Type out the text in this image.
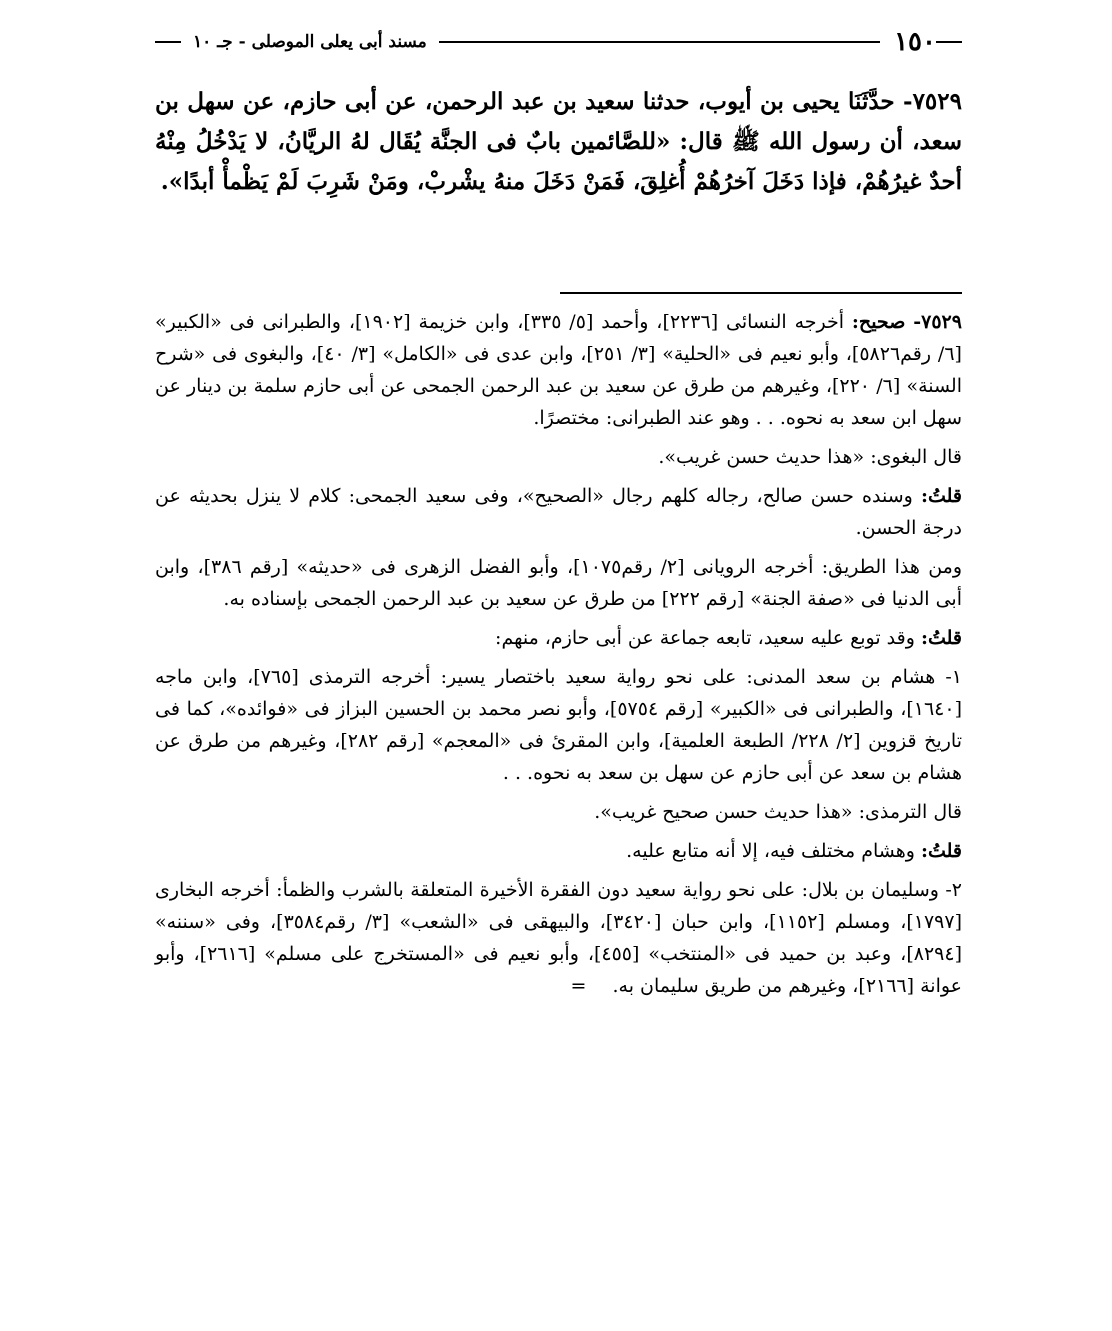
١٥٠
مسند أبى يعلى الموصلى - جـ ١٠

٧٥٢٩- حدَّثَنَا يحيى بن أيوب، حدثنا سعيد بن عبد الرحمن، عن أبى حازم، عن سهل بن سعد، أن رسول الله ﷺ قال: «للصَّائمين بابٌ فى الجنَّة يُقَال لهُ الريَّانُ، لا يَدْخُلُ مِنْهُ أحدٌ غيرُهُمْ، فإذا دَخَلَ آخرُهُمْ أُغلِقَ، فَمَنْ دَخَلَ منهُ يشْربْ، ومَنْ شَرِبَ لَمْ يَظْمأْ أبدًا».

٧٥٢٩- صحيح: أخرجه النسائى [٢٢٣٦]، وأحمد [٥/ ٣٣٥]، وابن خزيمة [١٩٠٢]، والطبرانى فى «الكبير» [٦/ رقم٥٨٢٦]، وأبو نعيم فى «الحلية» [٣/ ٢٥١]، وابن عدى فى «الكامل» [٣/ ٤٠]، والبغوى فى «شرح السنة» [٦/ ٢٢٠]، وغيرهم من طرق عن سعيد بن عبد الرحمن الجمحى عن أبى حازم سلمة بن دينار عن سهل ابن سعد به نحوه. . . وهو عند الطبرانى: مختصرًا.

قال البغوى: «هذا حديث حسن غريب».

قلتُ: وسنده حسن صالح، رجاله كلهم رجال «الصحيح»، وفى سعيد الجمحى: كلام لا ينزل بحديثه عن درجة الحسن.

ومن هذا الطريق: أخرجه الرويانى [٢/ رقم١٠٧٥]، وأبو الفضل الزهرى فى «حديثه» [رقم ٣٨٦]، وابن أبى الدنيا فى «صفة الجنة» [رقم ٢٢٢] من طرق عن سعيد بن عبد الرحمن الجمحى بإسناده به.

قلتُ: وقد توبع عليه سعيد، تابعه جماعة عن أبى حازم، منهم:

١- هشام بن سعد المدنى: على نحو رواية سعيد باختصار يسير: أخرجه الترمذى [٧٦٥]، وابن ماجه [١٦٤٠]، والطبرانى فى «الكبير» [رقم ٥٧٥٤]، وأبو نصر محمد بن الحسين البزاز فى «فوائده»، كما فى تاريخ قزوين [٢/ ٢٢٨/ الطبعة العلمية]، وابن المقرئ فى «المعجم» [رقم ٢٨٢]، وغيرهم من طرق عن هشام بن سعد عن أبى حازم عن سهل بن سعد به نحوه. . .

قال الترمذى: «هذا حديث حسن صحيح غريب».

قلتُ: وهشام مختلف فيه، إلا أنه متابع عليه.

٢- وسليمان بن بلال: على نحو رواية سعيد دون الفقرة الأخيرة المتعلقة بالشرب والظمأ: أخرجه البخارى [١٧٩٧]، ومسلم [١١٥٢]، وابن حبان [٣٤٢٠]، والبيهقى فى «الشعب» [٣/ رقم٣٥٨٤]، وفى «سننه» [٨٢٩٤]، وعبد بن حميد فى «المنتخب» [٤٥٥]، وأبو نعيم فى «المستخرج على مسلم» [٢٦١٦]، وأبو عوانة [٢١٦٦]، وغيرهم من طريق سليمان به. =
